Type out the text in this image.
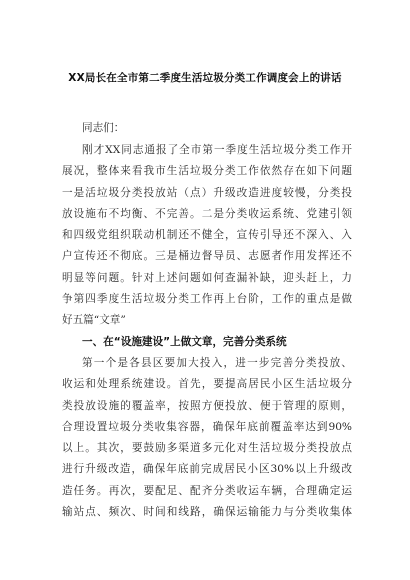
XX局长在全市第二季度生活垃圾分类工作调度会上的讲话
同志们：
刚才XX同志通报了全市第一季度生活垃圾分类工作开
展况，整体来看我市生活垃圾分类工作依然存在如下问题
一是活垃圾分类投放站（点）升级改造进度较慢，分类投
放设施布不均衡、不完善。二是分类收运系统、党建引领
和四级党组织联动机制还不健全，宣传引导还不深入、入
户宣传还不彻底。三是桶边督导员、志愿者作用发挥还不
明显等问题。针对上述问题如何查漏补缺，迎头赶上，力
争第四季度生活垃圾分类工作再上台阶，工作的重点是做
好五篇“文章”
一、在“设施建设”上做文章，完善分类系统
第一个是各县区要加大投入，进一步完善分类投放、
收运和处理系统建设。首先，要提高居民小区生活垃圾分
类投放设施的覆盖率，按照方便投放、便于管理的原则，
合理设置垃圾分类收集容器，确保年底前覆盖率达到90%
以上。其次，要鼓励多渠道多元化对生活垃圾分类投放点
进行升级改造，确保年底前完成居民小区30%以上升级改
造任务。再次，要配足、配齐分类收运车辆，合理确定运
输站点、频次、时间和线路，确保运输能力与分类收集体
